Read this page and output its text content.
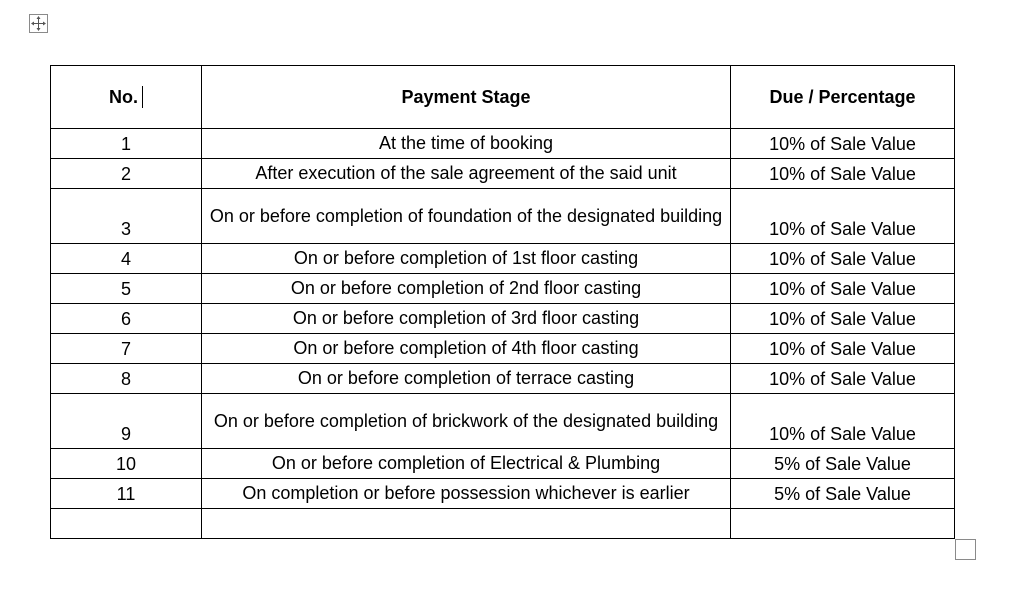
No.	Payment Stage	Due / Percentage
1	At the time of booking	10% of Sale Value
2	After execution of the sale agreement of the said unit	10% of Sale Value
3	On or before completion of foundation of the designated building	10% of Sale Value
4	On or before completion of 1st floor casting	10% of Sale Value
5	On or before completion of 2nd floor casting	10% of Sale Value
6	On or before completion of 3rd floor casting	10% of Sale Value
7	On or before completion of 4th floor casting	10% of Sale Value
8	On or before completion of terrace casting	10% of Sale Value
9	On or before completion of brickwork of the designated building	10% of Sale Value
10	On or before completion of Electrical & Plumbing	5% of Sale Value
11	On completion or before possession whichever is earlier	5% of Sale Value
